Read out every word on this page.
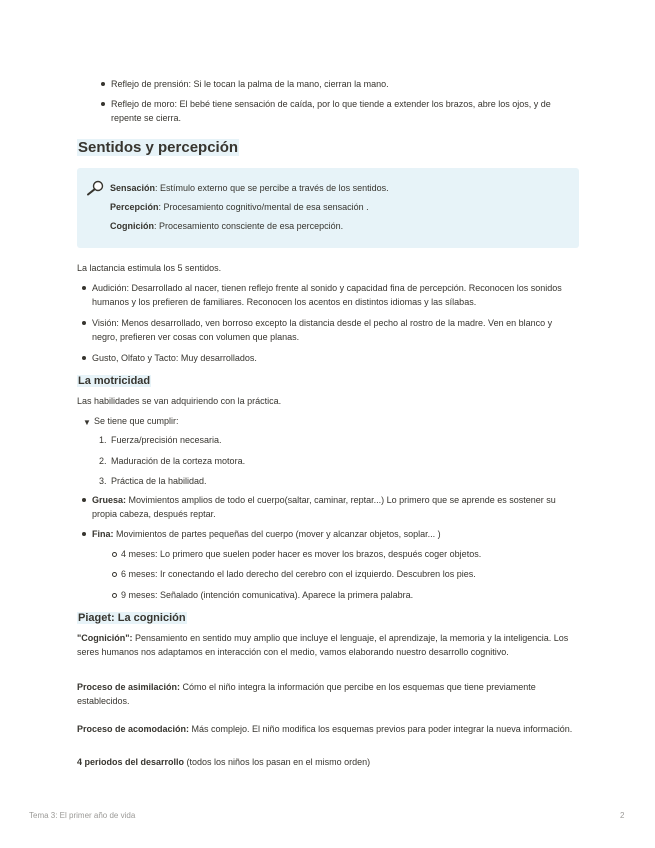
Reflejo de prensión: Si le tocan la palma de la mano, cierran la mano.
Reflejo de moro: El bebé tiene sensación de caída, por lo que tiende a extender los brazos, abre los ojos, y de repente se cierra.
Sentidos y percepción
Sensación: Estímulo externo que se percibe a través de los sentidos.
Percepción: Procesamiento cognitivo/mental de esa sensación .
Cognición: Procesamiento consciente de esa percepción.
La lactancia estimula los 5 sentidos.
Audición: Desarrollado al nacer, tienen reflejo frente al sonido y capacidad fina de percepción. Reconocen los sonidos humanos y los prefieren de familiares. Reconocen los acentos en distintos idiomas y las sílabas.
Visión: Menos desarrollado, ven borroso excepto la distancia desde el pecho al rostro de la madre. Ven en blanco y negro, prefieren ver cosas con volumen que planas.
Gusto, Olfato y Tacto: Muy desarrollados.
La motricidad
Las habilidades se van adquiriendo con la práctica.
▼ Se tiene que cumplir:
1. Fuerza/precisión necesaria.
2. Maduración de la corteza motora.
3. Práctica de la habilidad.
Gruesa: Movimientos amplios de todo el cuerpo(saltar, caminar, reptar...) Lo primero que se aprende es sostener su propia cabeza, después reptar.
Fina: Movimientos de partes pequeñas del cuerpo (mover y alcanzar objetos, soplar... )
4 meses: Lo primero que suelen poder hacer es mover los brazos, después coger objetos.
6 meses: Ir conectando el lado derecho del cerebro con el izquierdo. Descubren los pies.
9 meses: Señalado (intención comunicativa). Aparece la primera palabra.
Piaget: La cognición
"Cognición": Pensamiento en sentido muy amplio que incluye el lenguaje, el aprendizaje, la memoria y la inteligencia. Los seres humanos nos adaptamos en interacción con el medio, vamos elaborando nuestro desarrollo cognitivo.
Proceso de asimilación: Cómo el niño integra la información que percibe en los esquemas que tiene previamente establecidos.
Proceso de acomodación: Más complejo. El niño modifica los esquemas previos para poder integrar la nueva información.
4 periodos del desarrollo (todos los niños los pasan en el mismo orden)
Tema 3: El primer año de vida	2
